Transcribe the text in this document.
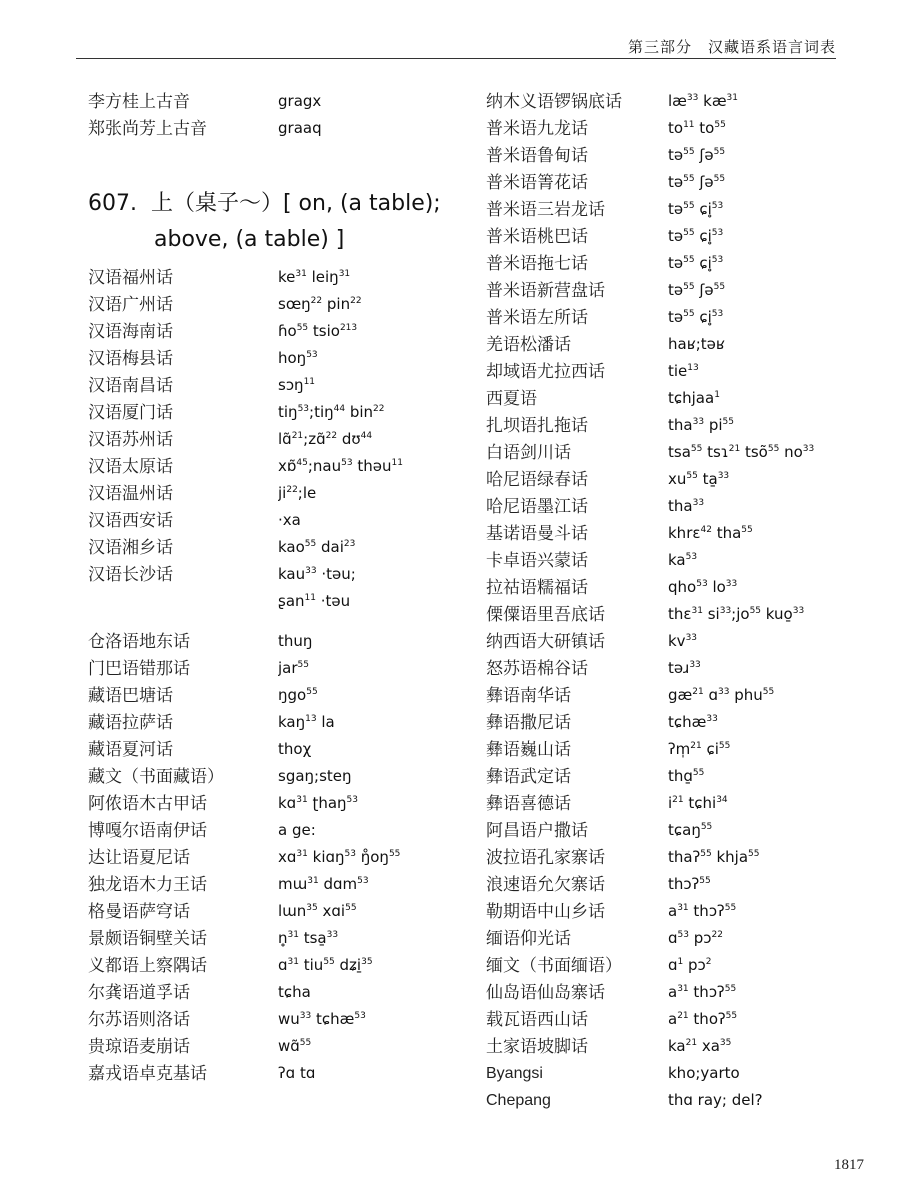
第三部分 汉藏语系语言词表
李方桂上古音	gragx
郑张尚芳上古音	graaq
607. 上（桌子～）[ on, (a table);
above, (a table) ]
汉语福州话	$ke^{31}$ leiŋ$^{31}$
汉语广州话	sœŋ$^{22}$ pin$^{22}$
汉语海南话	ɦo$^{55}$ tsio$^{213}$
汉语梅县话	hoŋ$^{53}$
汉语南昌话	sɔŋ$^{11}$
汉语厦门话	tiŋ$^{53}$;tiŋ$^{44}$ bin$^{22}$
汉语苏州话	lɑ̃$^{21}$;zɑ̃$^{22}$ dʊ$^{44}$
汉语太原话	xɒ̃$^{45}$;nau$^{53}$ thəu$^{11}$
汉语温州话	$ji^{22};le$
汉语西安话	·xa
汉语湘乡话	kao$^{55}$ dai$^{23}$
汉语长沙话	kau$^{33}$ ·təu;
ʂan$^{11}$ ·təu
仓洛语地东话	thuŋ
门巴语错那话	jar$^{55}$
藏语巴塘话	ŋgo$^{55}$
藏语拉萨话	kaŋ$^{13}$ la
藏语夏河话	thoχ
藏文（书面藏语）	sgaŋ;steŋ
阿侬语木古甲话	kɑ$^{31}$ ʈhaŋ$^{53}$
博嘎尔语南伊话	a ge:
达让语夏尼话	xɑ$^{31}$ kiɑŋ$^{53}$ $ŋ̊oŋ^{55}$
独龙语木力王话	mɯ$^{31}$ dɑm$^{53}$
格曼语萨穹话	lɯn$^{35}$ xɑi$^{55}$
景颇语铜壁关话	n̥$^{31}$ tsa̱$^{33}$
义都语上察隅话	ɑ$^{31}$ tiu$^{55}$ dʑi̱$^{35}$
尔龚语道孚话	tɕha
尔苏语则洛话	$wu^{33}$ tɕhæ$^{53}$
贵琼语麦崩话	wɑ̃$^{55}$
嘉戎语卓克基话	ʔɑ tɑ
纳木义语锣锅底话	$læ^{33}$ $kæ^{31}$
普米语九龙话	$to^{11}$ $to^{55}$
普米语鲁甸话	tə$^{55}$ ʃə$^{55}$
普米语箐花话	tə$^{55}$ ʃə$^{55}$
普米语三岩龙话	tə$^{55}$ ɕi̥$^{53}$
普米语桃巴话	tə$^{55}$ ɕi̥$^{53}$
普米语拖七话	tə$^{55}$ ɕi̥$^{53}$
普米语新营盘话	tə$^{55}$ ʃə$^{55}$
普米语左所话	tə$^{55}$ ɕi̥$^{53}$
羌语松潘话	haʁ;təʁ
却域语尤拉西话	tie$^{13}$
西夏语	tɕhjaa$^1$
扎坝语扎拖话	tha$^{33}$ $pi^{55}$
白语剑川话	tsa$^{55}$ tsɿ$^{21}$ tsõ$^{55}$ $no^{33}$
哈尼语绿春话	$xu^{55}$ ta̱$^{33}$
哈尼语墨江话	tha$^{33}$
基诺语曼斗话	khrɛ$^{42}$ tha$^{55}$
卡卓语兴蒙话	$ka^{53}$
拉祜语糯福话	qho$^{53}$ $lo^{33}$
傈僳语里吾底话	thɛ$^{31}$ $si^{33};jo^{55}$ kuo̱$^{33}$
纳西语大研镇话	$kv^{33}$
怒苏语棉谷话	təɹ$^{33}$
彝语南华话	$gæ^{21}$ ɑ$^{33}$ phu$^{55}$
彝语撒尼话	tɕhæ$^{33}$
彝语巍山话	ʔm̩$^{21}$ ɕi$^{55}$
彝语武定话	thɑ̱$^{55}$
彝语喜德话	$i^{21}$ tɕhi$^{34}$
阿昌语户撒话	tɕaŋ$^{55}$
波拉语孔家寨话	thaʔ$^{55}$ khja$^{55}$
浪速语允欠寨话	thɔʔ$^{55}$
勒期语中山乡话	$a^{31}$ thɔʔ$^{55}$
缅语仰光话	ɑ$^{53}$ pɔ$^{22}$
缅文（书面缅语）	ɑ$^1$ pɔ$^2$
仙岛语仙岛寨话	$a^{31}$ thɔʔ$^{55}$
载瓦语西山话	$a^{21}$ thoʔ$^{55}$
土家语坡脚话	$ka^{21}$ $xa^{35}$
Byangsi	kho;yarto
Chepang	thɑ ray; del?
1817
